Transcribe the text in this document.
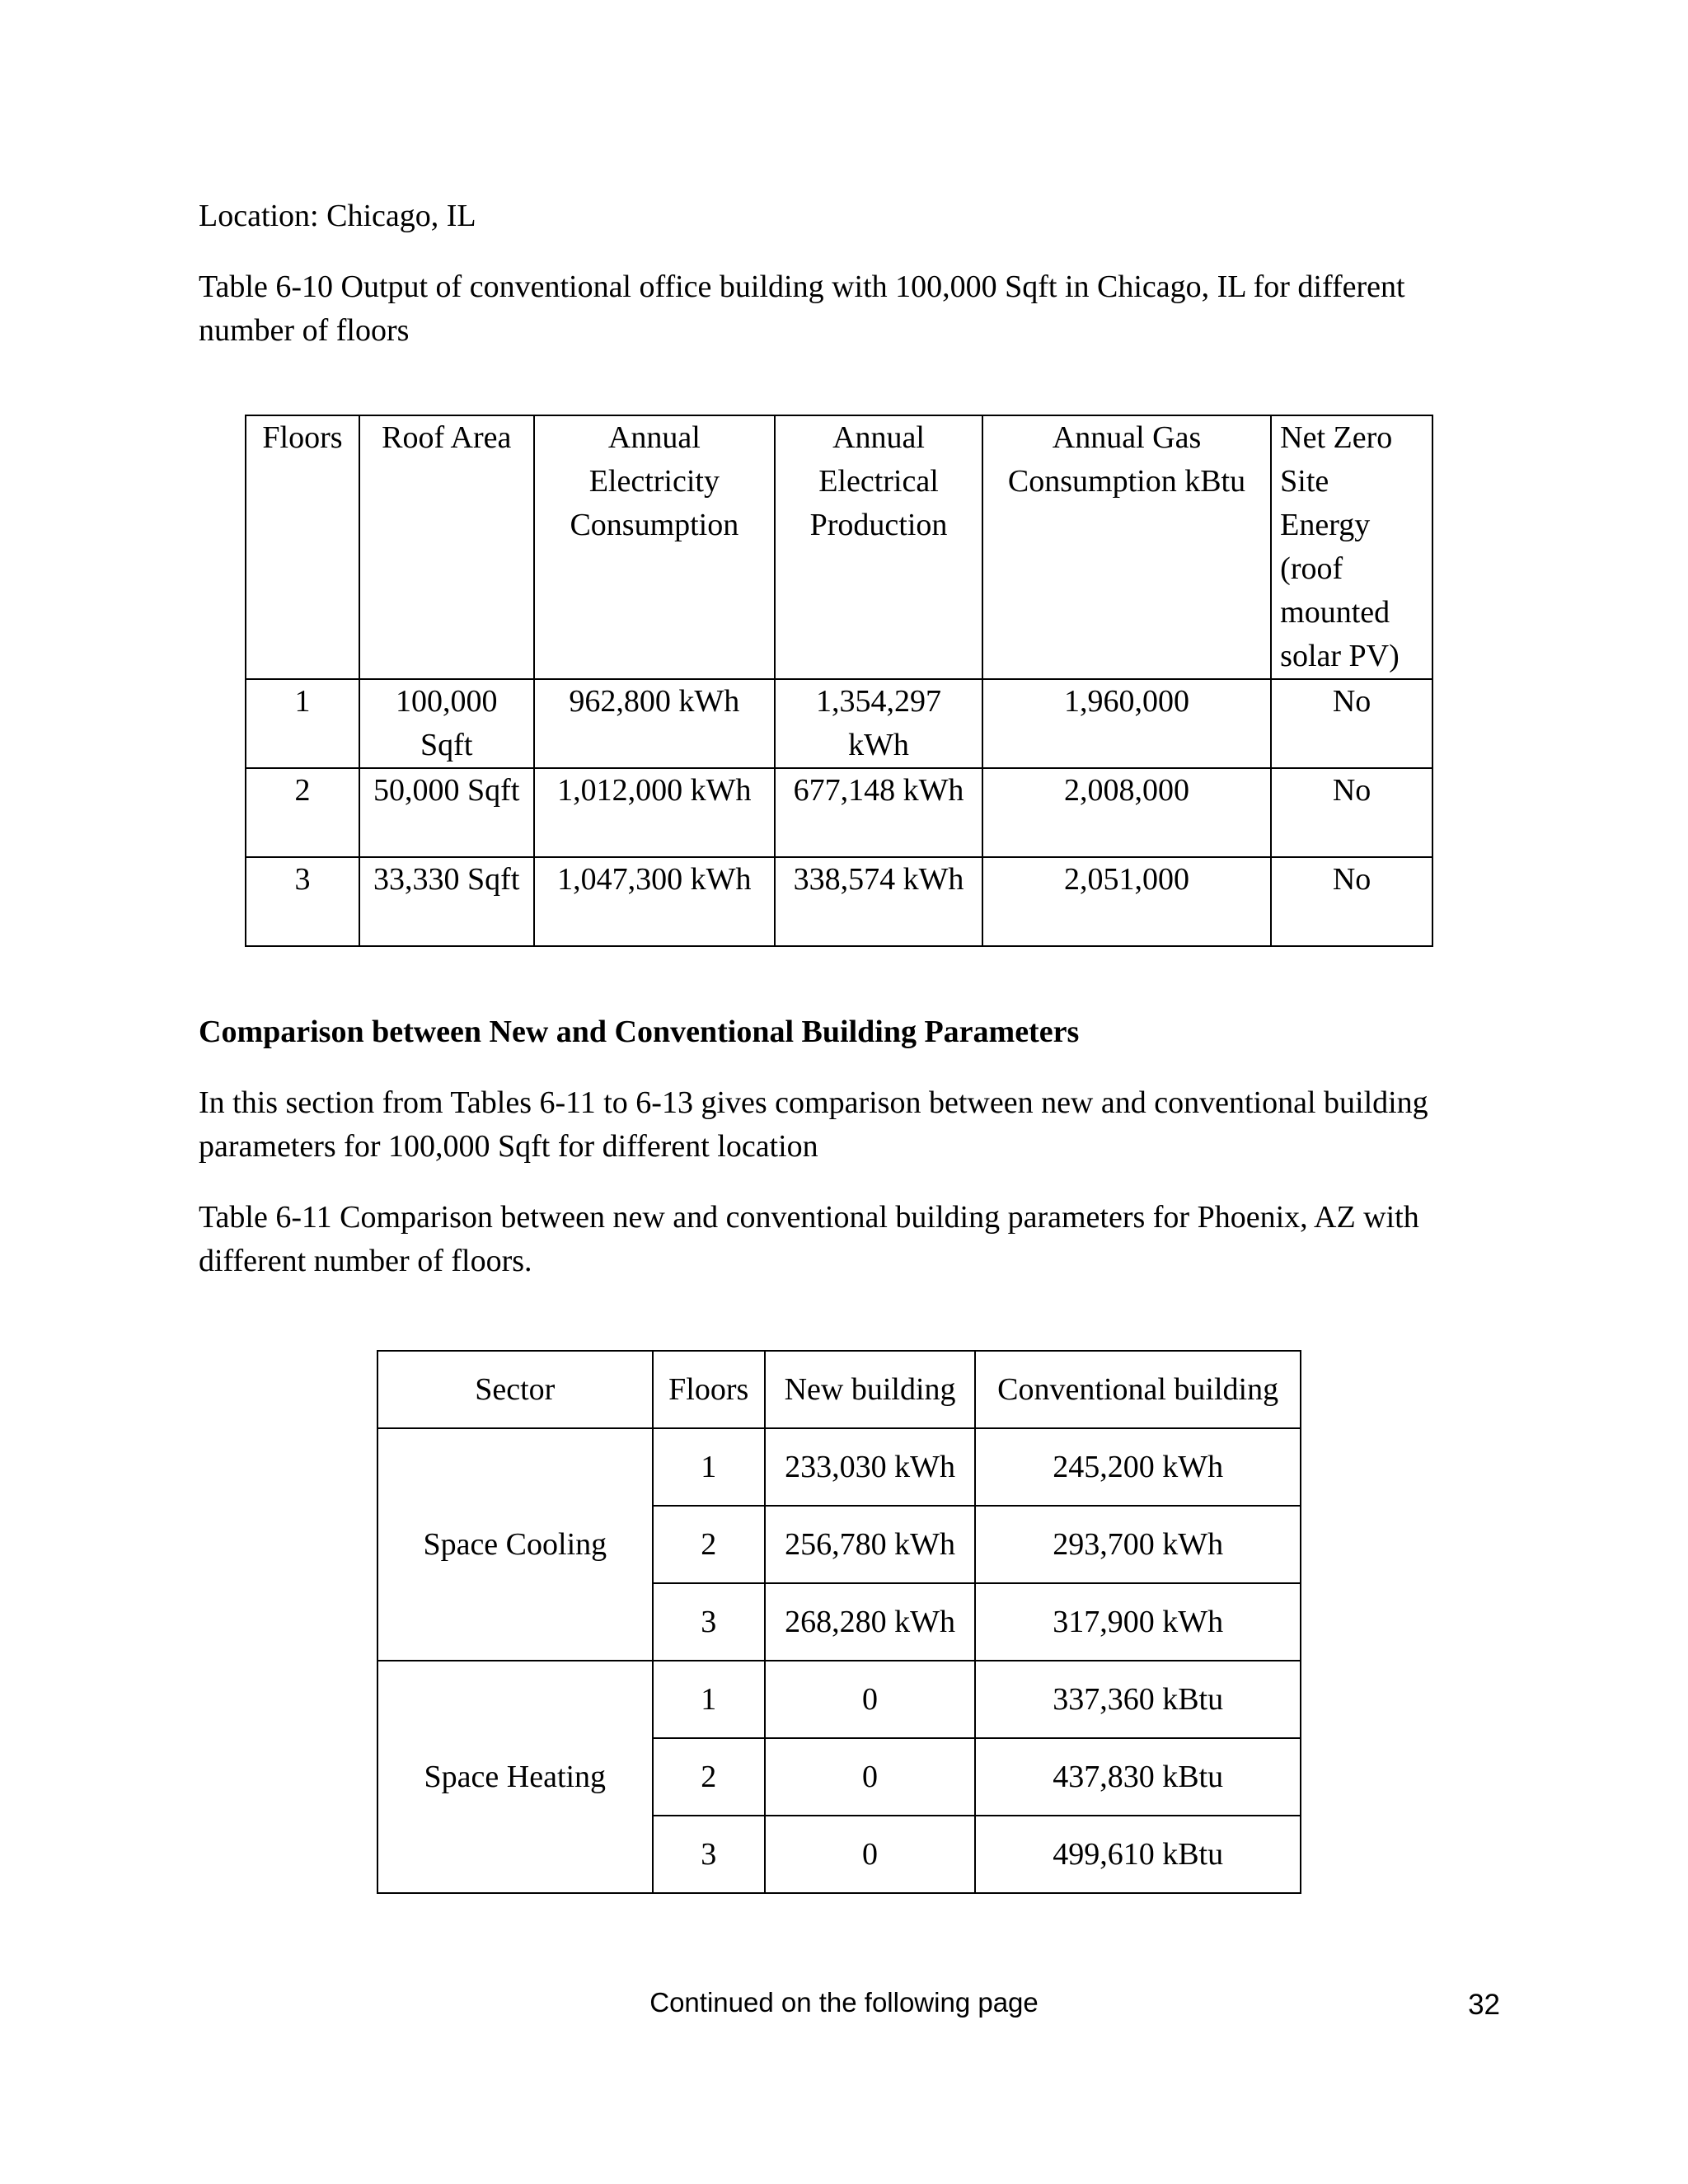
Location: Chicago, IL

Table 6-10 Output of conventional office building with 100,000 Sqft in Chicago, IL for different number of floors

Floors	Roof Area	Annual Electricity Consumption	Annual Electrical Production	Annual Gas Consumption kBtu	Net Zero Site Energy (roof mounted solar PV)
1	100,000 Sqft	962,800 kWh	1,354,297 kWh	1,960,000	No
2	50,000 Sqft	1,012,000 kWh	677,148 kWh	2,008,000	No
3	33,330 Sqft	1,047,300 kWh	338,574 kWh	2,051,000	No

Comparison between New and Conventional Building Parameters

In this section from Tables 6-11 to 6-13 gives comparison between new and conventional building parameters for 100,000 Sqft for different location

Table 6-11 Comparison between new and conventional building parameters for Phoenix, AZ with different number of floors.

Sector	Floors	New building	Conventional building
Space Cooling	1	233,030 kWh	245,200 kWh
	2	256,780 kWh	293,700 kWh
	3	268,280 kWh	317,900 kWh
Space Heating	1	0	337,360 kBtu
	2	0	437,830 kBtu
	3	0	499,610 kBtu
Continued on the following page	32
